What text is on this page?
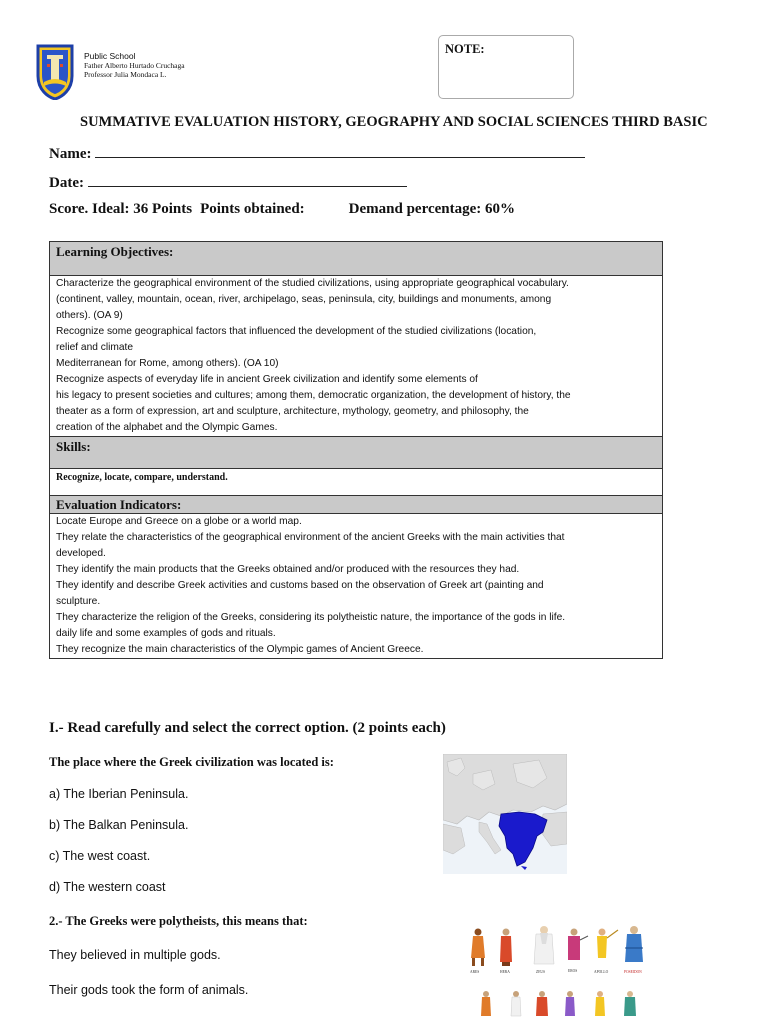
Public School
Father Alberto Hurtado Cruchaga
Professor Julia Mondaca L.
NOTE:
SUMMATIVE EVALUATION HISTORY, GEOGRAPHY AND SOCIAL SCIENCES THIRD BASIC
Name:
Date:
Score. Ideal: 36 Points Points obtained:	Demand percentage: 60%
Learning Objectives:
Characterize the geographical environment of the studied civilizations, using appropriate geographical vocabulary.
(continent, valley, mountain, ocean, river, archipelago, seas, peninsula, city, buildings and monuments, among
others). (OA 9)
Recognize some geographical factors that influenced the development of the studied civilizations (location,
relief and climate
Mediterranean for Rome, among others). (OA 10)
Recognize aspects of everyday life in ancient Greek civilization and identify some elements of
his legacy to present societies and cultures; among them, democratic organization, the development of history, the
theater as a form of expression, art and sculpture, architecture, mythology, geometry, and philosophy, the
creation of the alphabet and the Olympic Games.
Skills:
Recognize, locate, compare, understand.
Evaluation Indicators:
Locate Europe and Greece on a globe or a world map.
They relate the characteristics of the geographical environment of the ancient Greeks with the main activities that
developed.
They identify the main products that the Greeks obtained and/or produced with the resources they had.
They identify and describe Greek activities and customs based on the observation of Greek art (painting and
sculpture.
They characterize the religion of the Greeks, considering its polytheistic nature, the importance of the gods in life.
daily life and some examples of gods and rituals.
They recognize the main characteristics of the Olympic games of Ancient Greece.
I.- Read carefully and select the correct option. (2 points each)
The place where the Greek civilization was located is:
a) The Iberian Peninsula.
b) The Balkan Peninsula.
c) The west coast.
d) The western coast
2.- The Greeks were polytheists, this means that:
They believed in multiple gods.
Their gods took the form of animals.
ARES	HERA	ZEUS	EROS	APOLLO	POSEIDON
